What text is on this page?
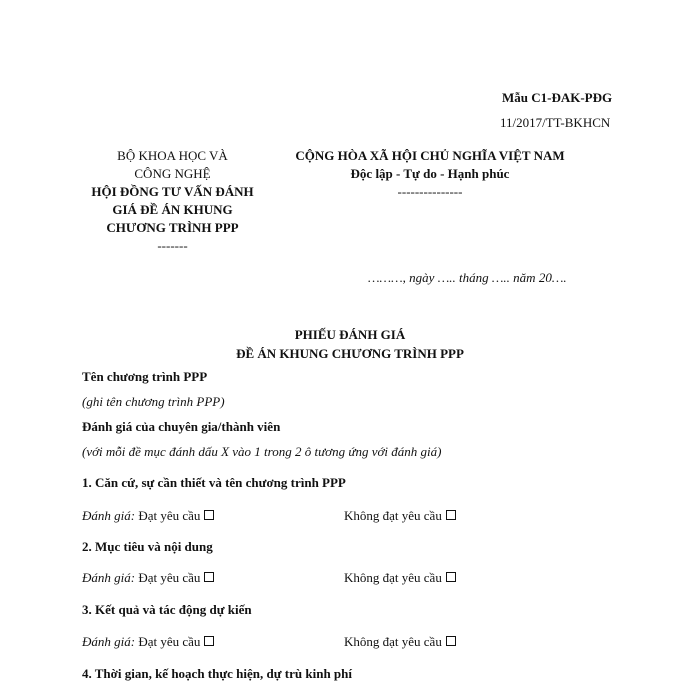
Mẫu C1-ĐAK-PĐG
11/2017/TT-BKHCN
BỘ KHOA HỌC VÀ
CÔNG NGHỆ
HỘI ĐỒNG TƯ VẤN ĐÁNH
GIÁ ĐỀ ÁN KHUNG
CHƯƠNG TRÌNH PPP
-------
CỘNG HÒA XÃ HỘI CHỦ NGHĨA VIỆT NAM
Độc lập - Tự do - Hạnh phúc
---------------
………, ngày ….. tháng ….. năm 20….
PHIẾU ĐÁNH GIÁ
ĐỀ ÁN KHUNG CHƯƠNG TRÌNH PPP
Tên chương trình PPP
(ghi tên chương trình PPP)
Đánh giá của chuyên gia/thành viên
(với mỗi đề mục đánh dấu X vào 1 trong 2 ô tương ứng với đánh giá)
1. Căn cứ, sự cần thiết và tên chương trình PPP
Đánh giá: Đạt yêu cầu	Không đạt yêu cầu
2. Mục tiêu và nội dung
Đánh giá: Đạt yêu cầu	Không đạt yêu cầu
3. Kết quả và tác động dự kiến
Đánh giá: Đạt yêu cầu	Không đạt yêu cầu
4. Thời gian, kế hoạch thực hiện, dự trù kinh phí
